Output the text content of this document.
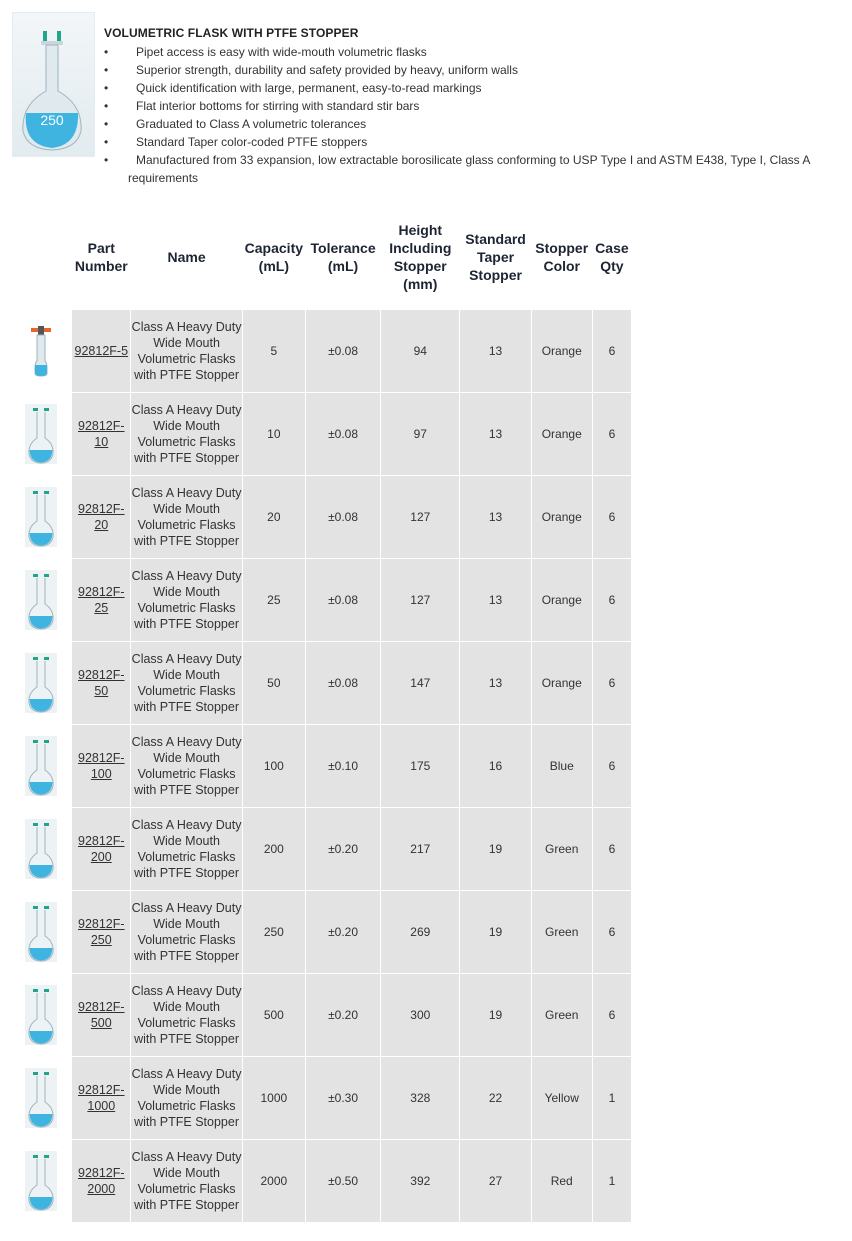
250
VOLUMETRIC FLASK WITH PTFE STOPPER
• Pipet access is easy with wide-mouth volumetric flasks
• Superior strength, durability and safety provided by heavy, uniform walls
• Quick identification with large, permanent, easy-to-read markings
• Flat interior bottoms for stirring with standard stir bars
• Graduated to Class A volumetric tolerances
• Standard Taper color-coded PTFE stoppers
• Manufactured from 33 expansion, low extractable borosilicate glass conforming to USP Type I and ASTM E438, Type I, Class A
requirements
	Part Number	Name	Capacity (mL)	Tolerance (mL)	Height Including Stopper (mm)	Standard Taper Stopper	Stopper Color	Case Qty

	92812F-5	Class A Heavy Duty Wide Mouth Volumetric Flasks with PTFE Stopper	5	±0.08	94	13	Orange	6

	92812F-10	Class A Heavy Duty Wide Mouth Volumetric Flasks with PTFE Stopper	10	±0.08	97	13	Orange	6

	92812F-20	Class A Heavy Duty Wide Mouth Volumetric Flasks with PTFE Stopper	20	±0.08	127	13	Orange	6

	92812F-25	Class A Heavy Duty Wide Mouth Volumetric Flasks with PTFE Stopper	25	±0.08	127	13	Orange	6

	92812F-50	Class A Heavy Duty Wide Mouth Volumetric Flasks with PTFE Stopper	50	±0.08	147	13	Orange	6

	92812F-100	Class A Heavy Duty Wide Mouth Volumetric Flasks with PTFE Stopper	100	±0.10	175	16	Blue	6

	92812F-200	Class A Heavy Duty Wide Mouth Volumetric Flasks with PTFE Stopper	200	±0.20	217	19	Green	6

	92812F-250	Class A Heavy Duty Wide Mouth Volumetric Flasks with PTFE Stopper	250	±0.20	269	19	Green	6

	92812F-500	Class A Heavy Duty Wide Mouth Volumetric Flasks with PTFE Stopper	500	±0.20	300	19	Green	6

	92812F-1000	Class A Heavy Duty Wide Mouth Volumetric Flasks with PTFE Stopper	1000	±0.30	328	22	Yellow	1

	92812F-2000	Class A Heavy Duty Wide Mouth Volumetric Flasks with PTFE Stopper	2000	±0.50	392	27	Red	1
